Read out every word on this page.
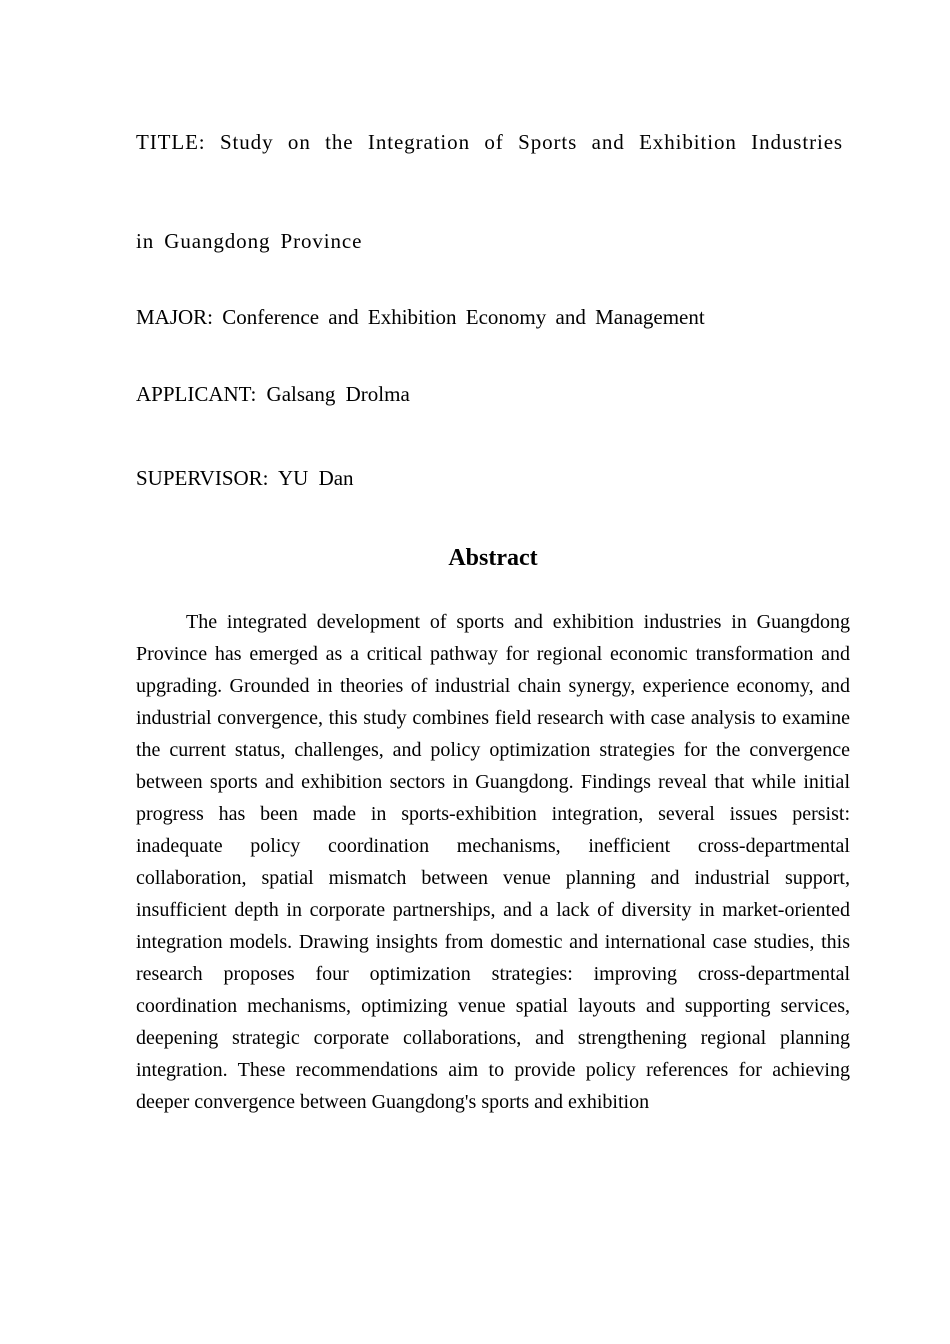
TITLE: Study on the Integration of Sports and Exhibition Industries
in Guangdong Province
MAJOR: Conference and Exhibition Economy and Management
APPLICANT: Galsang Drolma
SUPERVISOR: YU Dan
Abstract

The integrated development of sports and exhibition industries in Guangdong Province has emerged as a critical pathway for regional economic transformation and upgrading. Grounded in theories of industrial chain synergy, experience economy, and industrial convergence, this study combines field research with case analysis to examine the current status, challenges, and policy optimization strategies for the convergence between sports and exhibition sectors in Guangdong. Findings reveal that while initial progress has been made in sports-exhibition integration, several issues persist: inadequate policy coordination mechanisms, inefficient cross-departmental collaboration, spatial mismatch between venue planning and industrial support, insufficient depth in corporate partnerships, and a lack of diversity in market-oriented integration models. Drawing insights from domestic and international case studies, this research proposes four optimization strategies: improving cross-departmental coordination mechanisms, optimizing venue spatial layouts and supporting services, deepening strategic corporate collaborations, and strengthening regional planning integration. These recommendations aim to provide policy references for achieving deeper convergence between Guangdong's sports and exhibition
